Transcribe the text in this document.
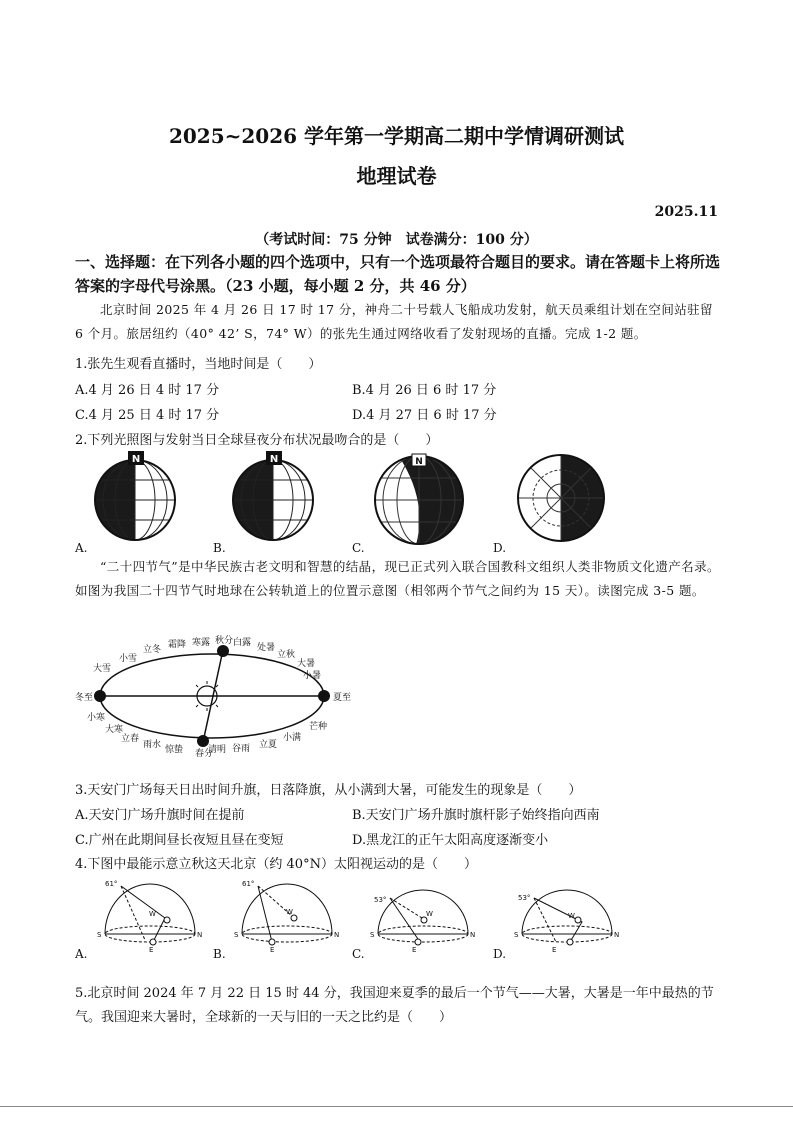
2025~2026 学年第一学期高二期中学情调研测试
地理试卷
2025.11
（考试时间：75 分钟　试卷满分：100 分）
一、选择题：在下列各小题的四个选项中，只有一个选项最符合题目的要求。请在答题卡上将所选答案的字母代号涂黑。（23 小题，每小题 2 分，共 46 分）
北京时间 2025 年 4 月 26 日 17 时 17 分，神舟二十号载人飞船成功发射，航天员乘组计划在空间站驻留 6 个月。旅居纽约（40° 42’ S，74° W）的张先生通过网络收看了发射现场的直播。完成 1-2 题。
1.张先生观看直播时，当地时间是（　　）
A.4 月 26 日 4 时 17 分	B.4 月 26 日 6 时 17 分
C.4 月 25 日 4 时 17 分	D.4 月 27 日 6 时 17 分
2.下列光照图与发射当日全球昼夜分布状况最吻合的是（　　）
N	N	N
A.	B.	C.	D.
“二十四节气”是中华民族古老文明和智慧的结晶，现已正式列入联合国教科文组织人类非物质文化遗产名录。如图为我国二十四节气时地球在公转轨道上的位置示意图（相邻两个节气之间约为 15 天）。读图完成 3-5 题。
冬至	夏至
秋分
春分
小雪
立冬 霜降 寒露	白露 处暑
立秋
大暑
小暑
大雪
小寒
大寒
立春
雨水 惊蛰	清明 谷雨 立夏
小满
芒种
3.天安门广场每天日出时间升旗，日落降旗，从小满到大暑，可能发生的现象是（　　）
A.天安门广场升旗时间在提前	B.天安门广场升旗时旗杆影子始终指向西南
C.广州在此期间昼长夜短且昼在变短	D.黑龙江的正午太阳高度逐渐变小
4.下图中最能示意立秋这天北京（约 40°N）太阳视运动的是（　　）
61°
S	N
W
E
61°
S	N
W
E
53°
S	N
W
E
53°
S	N
W
E
A.	B.	C.	D.
5.北京时间 2024 年 7 月 22 日 15 时 44 分，我国迎来夏季的最后一个节气——大暑，大暑是一年中最热的节气。我国迎来大暑时，全球新的一天与旧的一天之比约是（　　）
